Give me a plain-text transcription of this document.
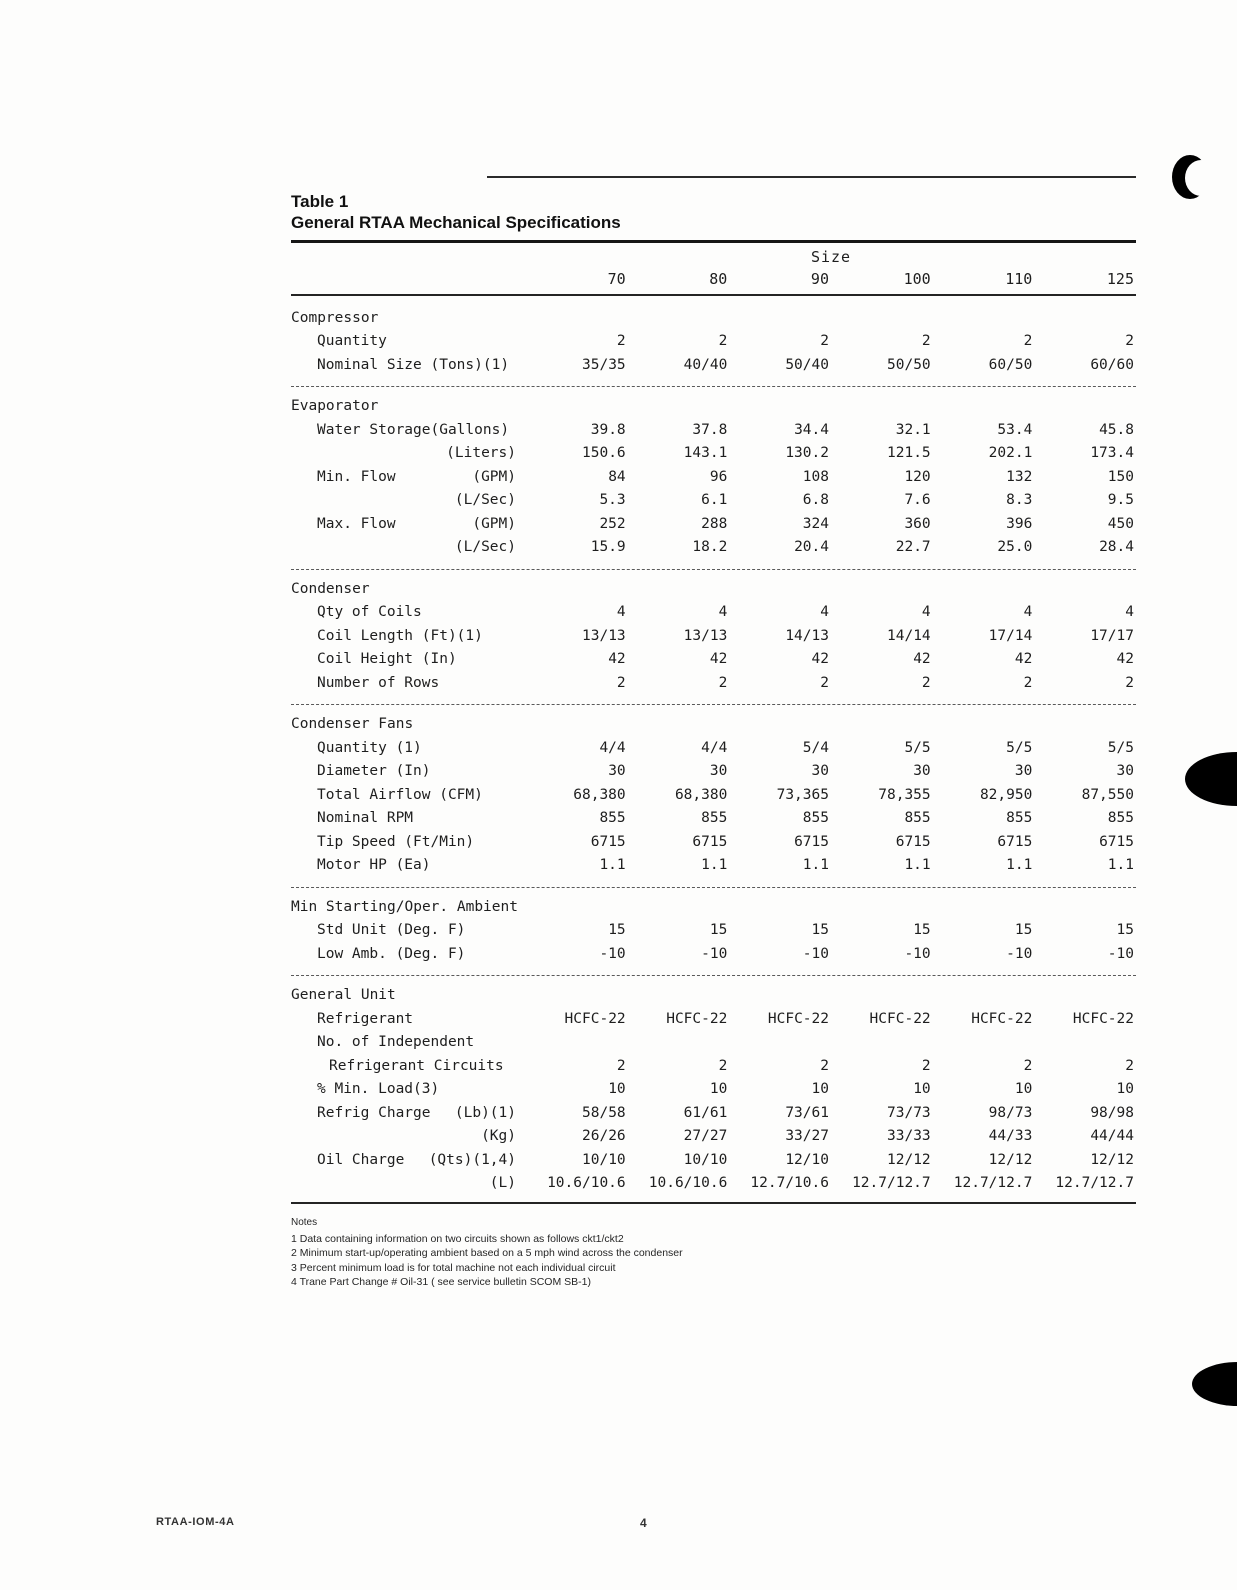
Table 1
General RTAA Mechanical Specifications
Size
70	80	90	100	110	125
Compressor
Quantity	2	2	2	2	2	2
Nominal Size (Tons)(1)	35/35	40/40	50/40	50/50	60/50	60/60
Evaporator
Water Storage(Gallons)	39.8	37.8	34.4	32.1	53.4	45.8
(Liters)	150.6	143.1	130.2	121.5	202.1	173.4
Min. Flow	(GPM)	84	96	108	120	132	150
(L/Sec)	5.3	6.1	6.8	7.6	8.3	9.5
Max. Flow	(GPM)	252	288	324	360	396	450
(L/Sec)	15.9	18.2	20.4	22.7	25.0	28.4
Condenser
Qty of Coils	4	4	4	4	4	4
Coil Length (Ft)(1)	13/13	13/13	14/13	14/14	17/14	17/17
Coil Height (In)	42	42	42	42	42	42
Number of Rows	2	2	2	2	2	2
Condenser Fans
Quantity (1)	4/4	4/4	5/4	5/5	5/5	5/5
Diameter (In)	30	30	30	30	30	30
Total Airflow (CFM)	68,380	68,380	73,365	78,355	82,950	87,550
Nominal RPM	855	855	855	855	855	855
Tip Speed (Ft/Min)	6715	6715	6715	6715	6715	6715
Motor HP (Ea)	1.1	1.1	1.1	1.1	1.1	1.1
Min Starting/Oper. Ambient
Std Unit (Deg. F)	15	15	15	15	15	15
Low Amb. (Deg. F)	-10	-10	-10	-10	-10	-10
General Unit
Refrigerant	HCFC-22	HCFC-22	HCFC-22	HCFC-22	HCFC-22	HCFC-22
No. of Independent
Refrigerant Circuits	2	2	2	2	2	2
% Min. Load(3)	10	10	10	10	10	10
Refrig Charge (Lb)(1)	58/58	61/61	73/61	73/73	98/73	98/98
(Kg)	26/26	27/27	33/27	33/33	44/33	44/44
Oil Charge (Qts)(1,4)	10/10	10/10	12/10	12/12	12/12	12/12
(L)	10.6/10.6	10.6/10.6	12.7/10.6	12.7/12.7	12.7/12.7	12.7/12.7
Notes
1 Data containing information on two circuits shown as follows ckt1/ckt2
2 Minimum start-up/operating ambient based on a 5 mph wind across the condenser
3 Percent minimum load is for total machine not each individual circuit
4 Trane Part Change # Oil-31 ( see service bulletin SCOM SB-1)
RTAA-IOM-4A	4
